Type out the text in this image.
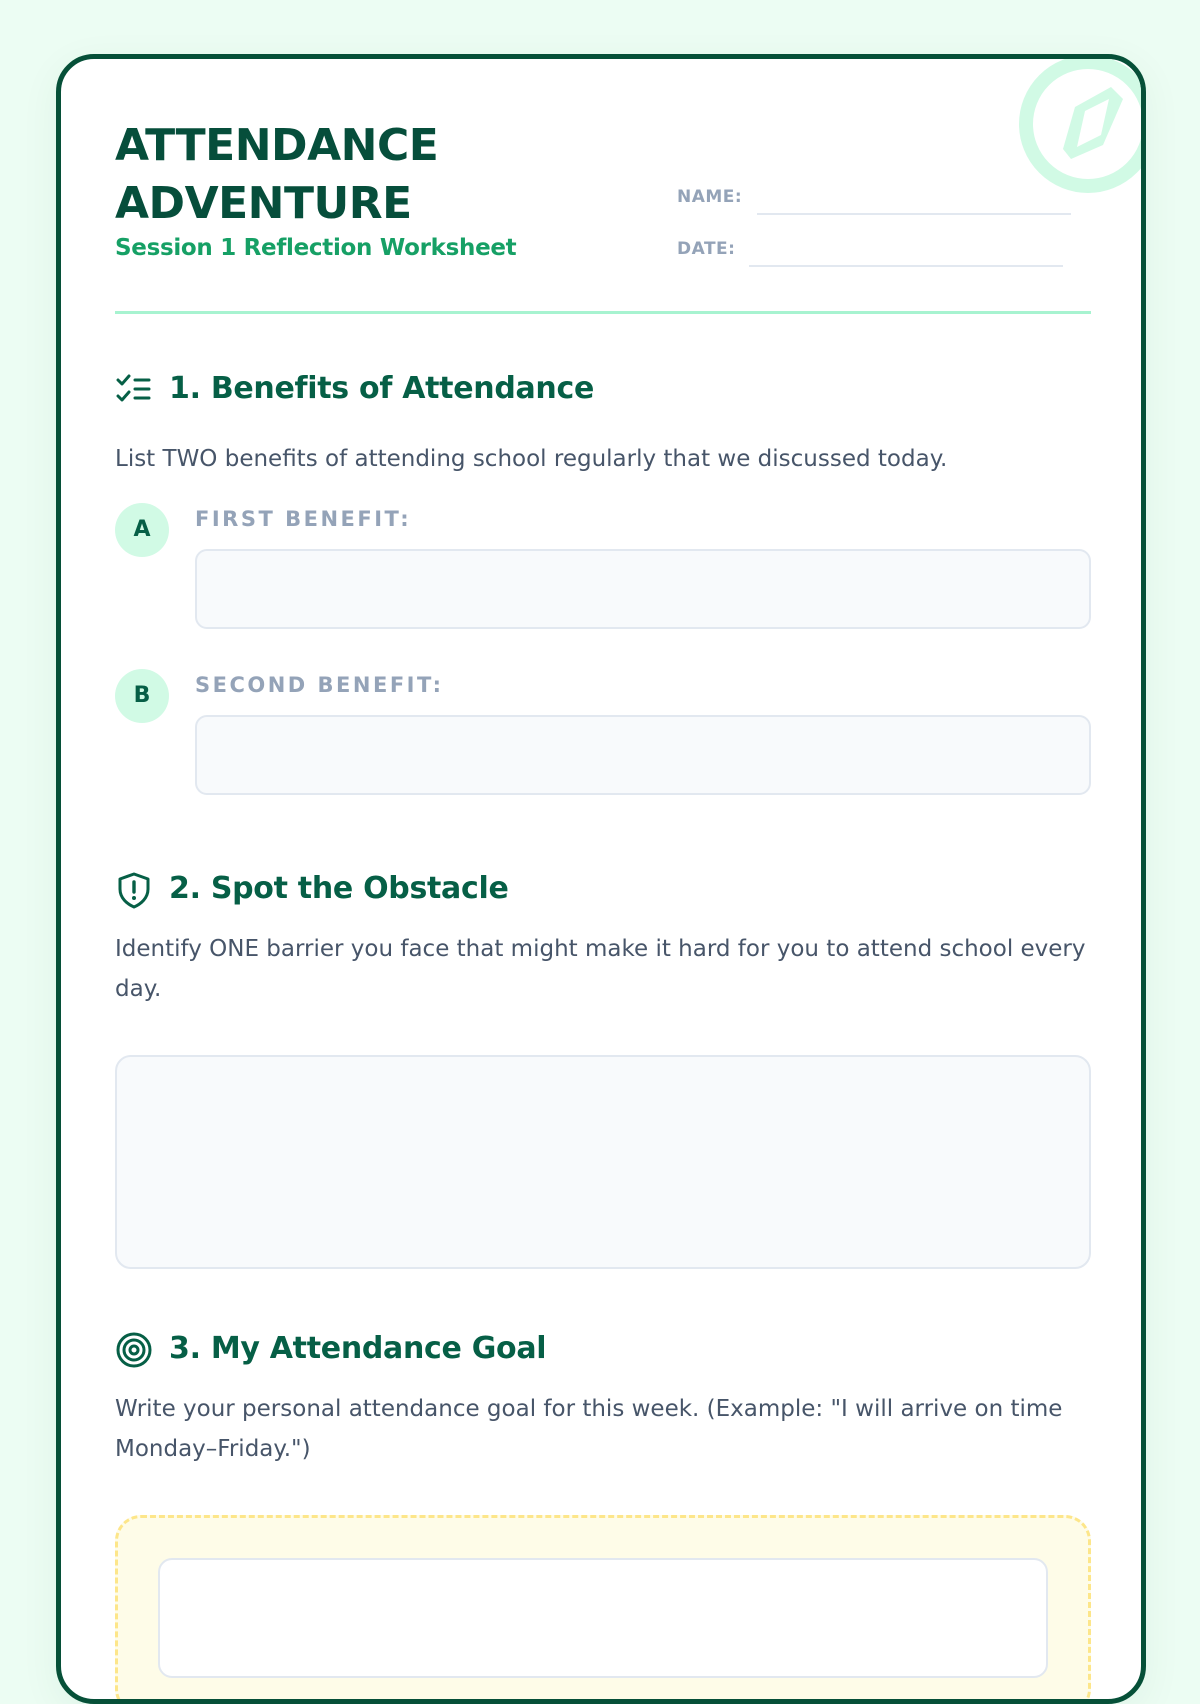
ATTENDANCE
ADVENTURE
Session 1 Reflection Worksheet
NAME:
DATE:
1. Benefits of Attendance

List TWO benefits of attending school regularly that we discussed today.

A	FIRST BENEFIT:
B	SECOND BENEFIT:
2. Spot the Obstacle

Identify ONE barrier you face that might make it hard for you to attend school every day.

3. My Attendance Goal

Write your personal attendance goal for this week. (Example: "I will arrive on time Monday–Friday.")
